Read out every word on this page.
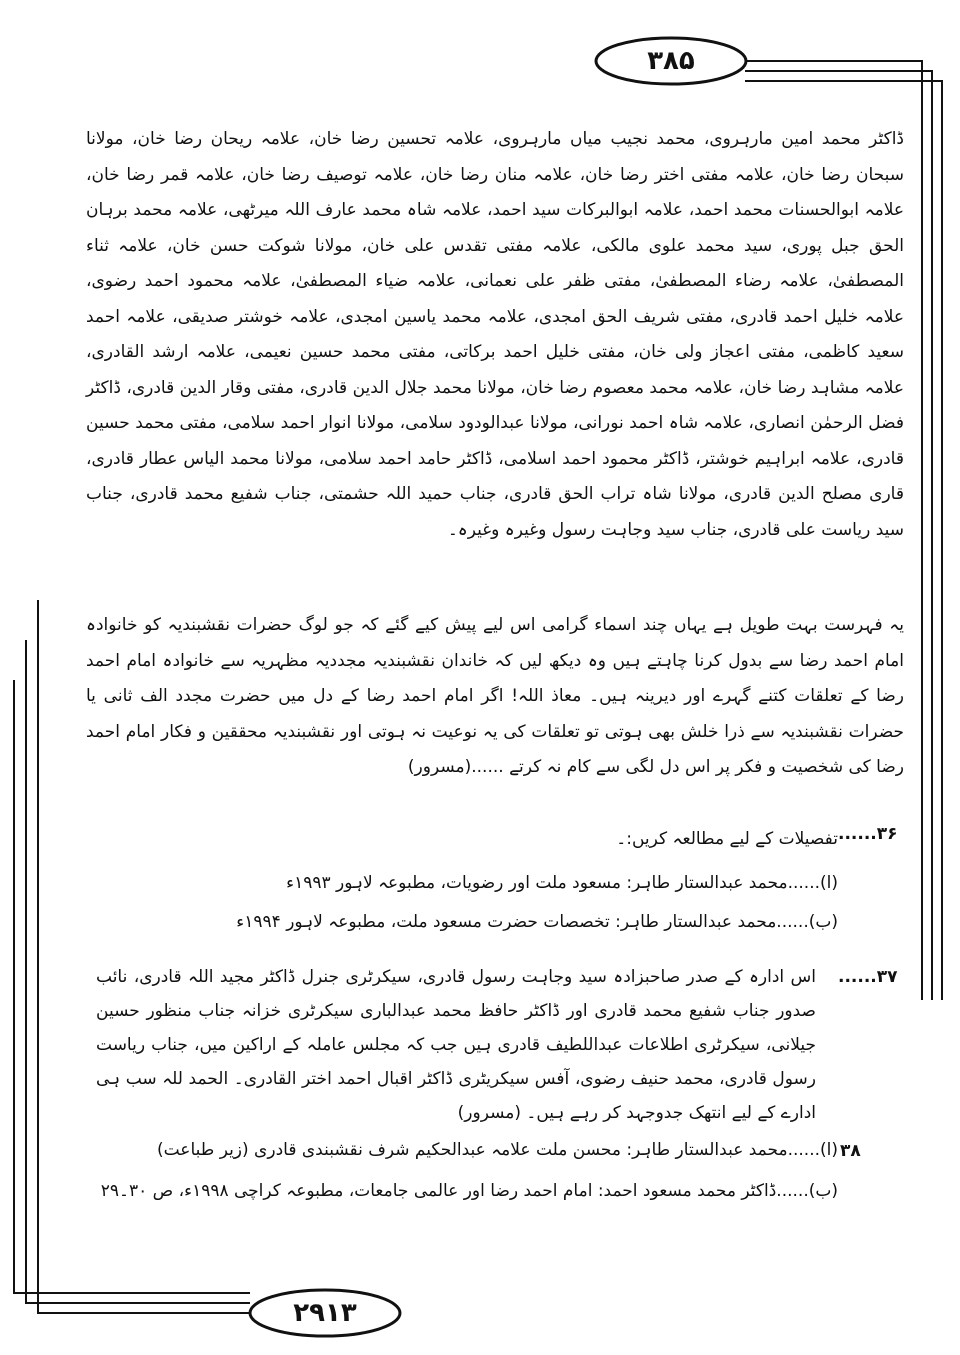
۳۸۵
۲۹۱۳

ڈاکٹر محمد امین مارہروی، محمد نجیب میاں مارہروی، علامہ تحسین رضا خان، علامہ ریحان رضا خان، مولانا سبحان رضا خان، علامہ مفتی اختر رضا خان، علامہ منان رضا خان، علامہ توصیف رضا خان، علامہ قمر رضا خان، علامہ ابوالحسنات محمد احمد، علامہ ابوالبرکات سید احمد، علامہ شاہ محمد عارف اللہ میرٹھی، علامہ محمد برہان الحق جبل پوری، سید محمد علوی مالکی، علامہ مفتی تقدس علی خان، مولانا شوکت حسن خان، علامہ ثناء المصطفیٰ، علامہ رضاء المصطفیٰ، مفتی ظفر علی نعمانی، علامہ ضیاء المصطفیٰ، علامہ محمود احمد رضوی، علامہ خلیل احمد قادری، مفتی شریف الحق امجدی، علامہ محمد یاسین امجدی، علامہ خوشتر صدیقی، علامہ احمد سعید کاظمی، مفتی اعجاز ولی خان، مفتی خلیل احمد برکاتی، مفتی محمد حسین نعیمی، علامہ ارشد القادری، علامہ مشاہد رضا خان، علامہ محمد معصوم رضا خان، مولانا محمد جلال الدین قادری، مفتی وقار الدین قادری، ڈاکٹر فضل الرحمٰن انصاری، علامہ شاہ احمد نورانی، مولانا عبدالودود سلامی، مولانا انوار احمد سلامی، مفتی محمد حسین قادری، علامہ ابراہیم خوشتر، ڈاکٹر محمود احمد اسلامی، ڈاکٹر حامد احمد سلامی، مولانا محمد الیاس عطار قادری، قاری مصلح الدین قادری، مولانا شاہ تراب الحق قادری، جناب حمید اللہ حشمتی، جناب شفیع محمد قادری، جناب سید ریاست علی قادری، جناب سید وجاہت رسول وغیرہ وغیرہ۔

یہ فہرست بہت طویل ہے یہاں چند اسماء گرامی اس لیے پیش کیے گئے کہ جو لوگ حضرات نقشبندیہ کو خانوادہ امام احمد رضا سے بدول کرنا چاہتے ہیں وہ دیکھ لیں کہ خاندان نقشبندیہ مجددیہ مظہریہ سے خانوادہ امام احمد رضا کے تعلقات کتنے گہرے اور دیرینہ ہیں۔ معاذ اللہ! اگر امام احمد رضا کے دل میں حضرت مجدد الف ثانی یا حضرات نقشبندیہ سے ذرا خلش بھی ہوتی تو تعلقات کی یہ نوعیت نہ ہوتی اور نقشبندیہ محققین و فکار امام احمد رضا کی شخصیت و فکر پر اس دل لگی سے کام نہ کرتے ......(مسرور)

۳۶......
تفصیلات کے لیے مطالعہ کریں:۔
(ا)......محمد عبدالستار طاہر: مسعود ملت اور رضویات، مطبوعہ لاہور ۱۹۹۳ء
(ب)......محمد عبدالستار طاہر: تخصصات حضرت مسعود ملت، مطبوعہ لاہور ۱۹۹۴ء
۳۷......
اس ادارہ کے صدر صاحبزادہ سید وجاہت رسول قادری، سیکرٹری جنرل ڈاکٹر مجید اللہ قادری، نائب صدور جناب شفیع محمد قادری اور ڈاکٹر حافظ محمد عبدالباری سیکرٹری خزانہ جناب منظور حسین جیلانی، سیکرٹری اطلاعات عبداللطیف قادری ہیں جب کہ مجلس عاملہ کے اراکین میں، جناب ریاست رسول قادری، محمد حنیف رضوی، آفس سیکریٹری ڈاکٹر اقبال احمد اختر القادری۔ الحمد للہ سب ہی ادارے کے لیے انتھک جدوجہد کر رہے ہیں۔ (مسرور)
۳۸
(ا)......محمد عبدالستار طاہر: محسن ملت علامہ عبدالحکیم شرف نقشبندی قادری (زیر طباعت)
(ب)......ڈاکٹر محمد مسعود احمد: امام احمد رضا اور عالمی جامعات، مطبوعہ کراچی ۱۹۹۸ء، ص ۳۰۔۲۹
